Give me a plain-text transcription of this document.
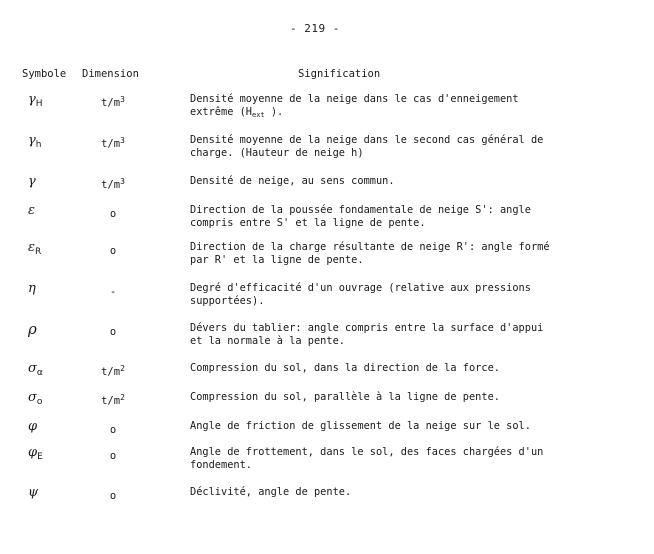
- 219 -
Symbole Dimension	Signification
$\gamma_H$	$t/m^3$	Densité moyenne de la neige dans le cas d'enneigement
extrême ($H_{ext}$ ).
$\gamma_h$	$t/m^3$	Densité moyenne de la neige dans le second cas général de
charge. (Hauteur de neige h)
γ	$t/m^3$	Densité de neige, au sens commun.
ε	o	Direction de la poussée fondamentale de neige S': angle
compris entre S' et la ligne de pente.
$\varepsilon_R$	o	Direction de la charge résultante de neige R': angle formé
par R' et la ligne de pente.
η	-	Degré d'efficacité d'un ouvrage (relative aux pressions
supportées).
ρ	o	Dévers du tablier: angle compris entre la surface d'appui
et la normale à la pente.
$\sigma_\alpha$	$t/m^2$	Compression du sol, dans la direction de la force.
$\sigma_o$	$t/m^2$	Compression du sol, parallèle à la ligne de pente.
φ	o	Angle de friction de glissement de la neige sur le sol.
$\varphi_E$	o	Angle de frottement, dans le sol, des faces chargées d'un
fondement.
ψ	o	Déclivité, angle de pente.
